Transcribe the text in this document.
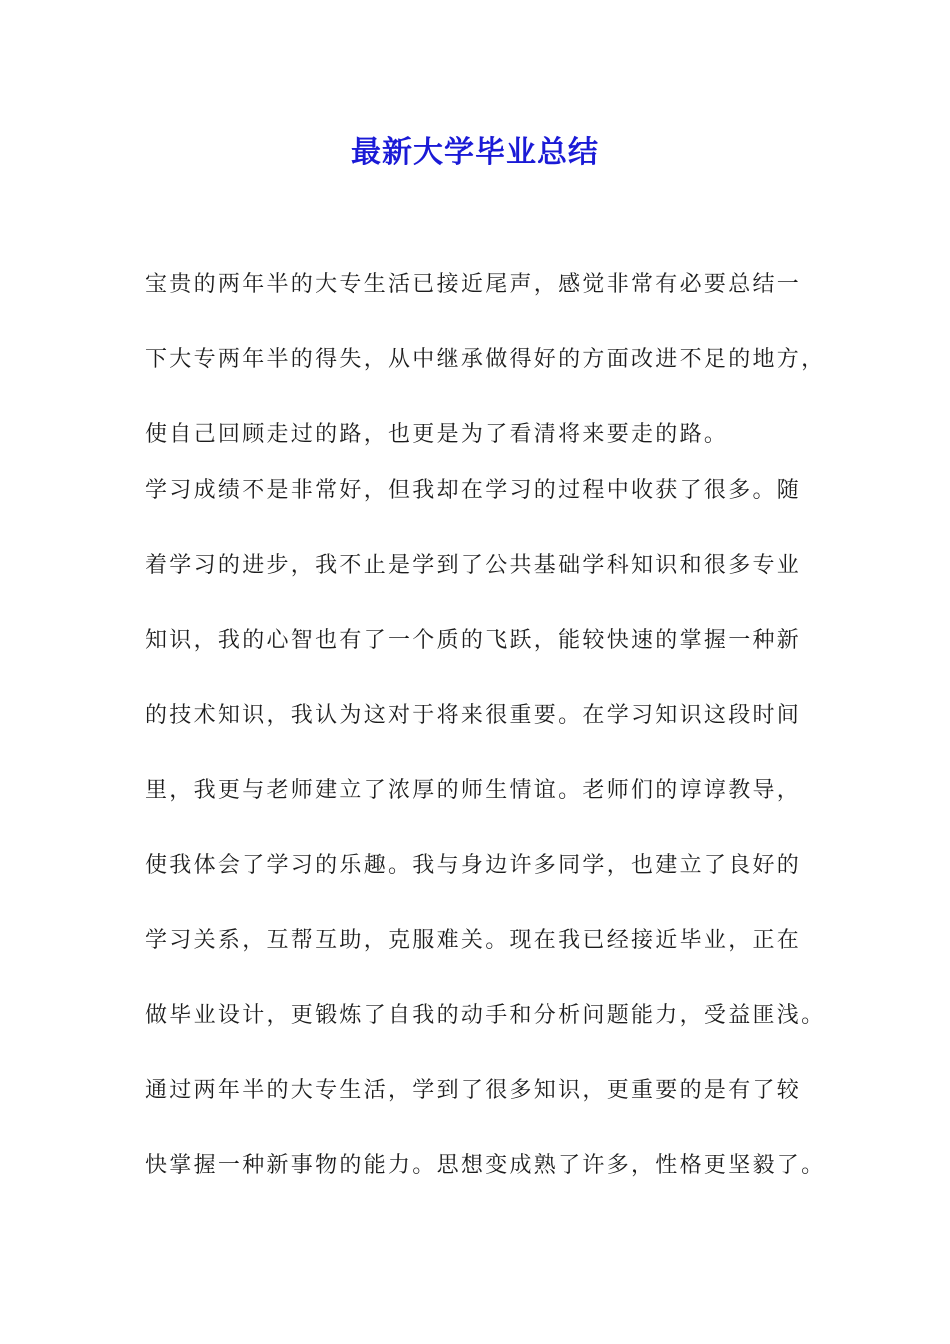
最新大学毕业总结
宝贵的两年半的大专生活已接近尾声，感觉非常有必要总结一
下大专两年半的得失，从中继承做得好的方面改进不足的地方，
使自己回顾走过的路，也更是为了看清将来要走的路。
学习成绩不是非常好，但我却在学习的过程中收获了很多。随
着学习的进步，我不止是学到了公共基础学科知识和很多专业
知识，我的心智也有了一个质的飞跃，能较快速的掌握一种新
的技术知识，我认为这对于将来很重要。在学习知识这段时间
里，我更与老师建立了浓厚的师生情谊。老师们的谆谆教导，
使我体会了学习的乐趣。我与身边许多同学，也建立了良好的
学习关系，互帮互助，克服难关。现在我已经接近毕业，正在
做毕业设计，更锻炼了自我的动手和分析问题能力，受益匪浅。
通过两年半的大专生活，学到了很多知识，更重要的是有了较
快掌握一种新事物的能力。思想变成熟了许多，性格更坚毅了。
